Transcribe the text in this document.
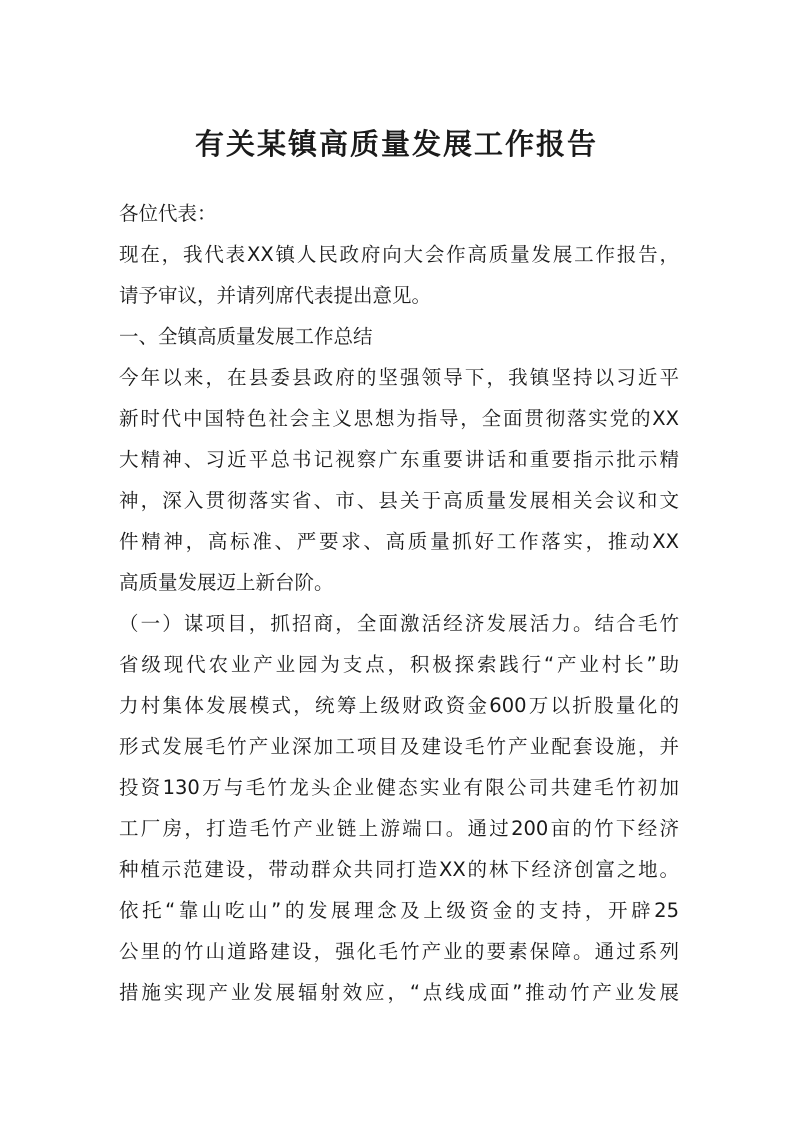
有关某镇高质量发展工作报告
各位代表：
现在，我代表XX镇人民政府向大会作高质量发展工作报告，
请予审议，并请列席代表提出意见。
一、全镇高质量发展工作总结
今年以来，在县委县政府的坚强领导下，我镇坚持以习近平
新时代中国特色社会主义思想为指导，全面贯彻落实党的XX
大精神、习近平总书记视察广东重要讲话和重要指示批示精
神，深入贯彻落实省、市、县关于高质量发展相关会议和文
件精神，高标准、严要求、高质量抓好工作落实，推动XX
高质量发展迈上新台阶。
（一）谋项目，抓招商，全面激活经济发展活力。结合毛竹
省级现代农业产业园为支点，积极探索践行“产业村长”助
力村集体发展模式，统筹上级财政资金600万以折股量化的
形式发展毛竹产业深加工项目及建设毛竹产业配套设施，并
投资130万与毛竹龙头企业健态实业有限公司共建毛竹初加
工厂房，打造毛竹产业链上游端口。通过200亩的竹下经济
种植示范建设，带动群众共同打造XX的林下经济创富之地。
依托“靠山吃山”的发展理念及上级资金的支持，开辟25
公里的竹山道路建设，强化毛竹产业的要素保障。通过系列
措施实现产业发展辐射效应，“点线成面”推动竹产业发展
